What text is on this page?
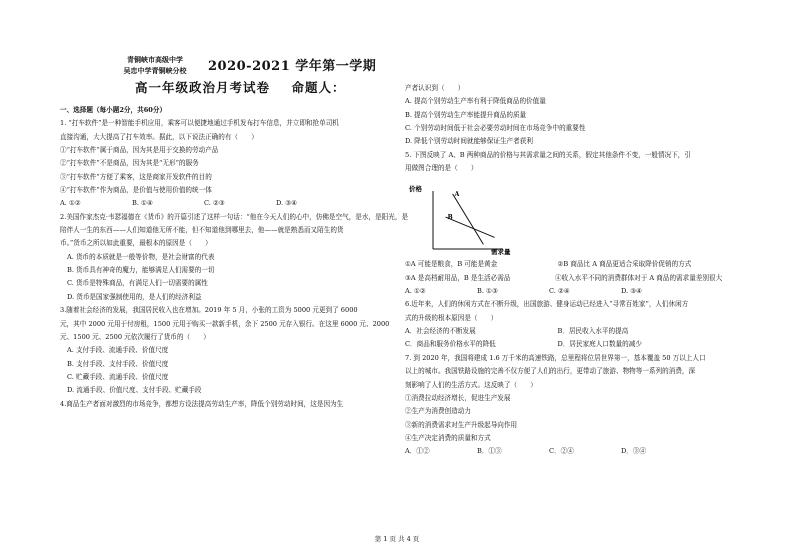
青铜峡市高级中学
吴忠中学青铜峡分校	2020-2021 学年第一学期
高一年级政治月考试卷 命题人：
一、选择题（每小题2分，共60分）
1. “打车软件”是一种智能手机应用，乘客可以便捷地通过手机发布打车信息，并立即和抢单司机
直接沟通，大大提高了打车效率。据此，以下说法正确的有（　　）
①“打车软件”属于商品，因为其是用于交换的劳动产品
②“打车软件”不是商品，因为其是“无形”的服务
③“打车软件”方便了乘客，这是商家开发软件的目的
④“打车软件”作为商品，是价值与使用价值的统一体
A. ①②	B. ①④	C. ②③	D. ③④
2.美国作家杰克·韦瑟福德在《货币》的开篇引述了这样一句话：“他在今天人们的心中，仿佛是空气，是水，是阳光，是
陪伴人一生的东西——人们知道他无所不能，但不知道他到哪里去，他——就是熟悉而又陌生的货
币。”货币之所以如此重要，最根本的原因是（　　）
A. 货币的本质就是一般等价物，是社会财富的代表
B. 货币具有神奇的魔力，能够满足人们需要的一切
C. 货币是特殊商品，有满足人们一切需要的属性
D. 货币是国家强制使用的，是人们的经济利益
3.随着社会经济的发展，我国居民收入也在增加。2019 年 5 月，小张的工资为 5000 元更到了 6000
元，其中 2000 元用于付房租，1500 元用于购买一款新手机，余下 2500 元存入银行。在这里 6000 元、2000
元、1500 元、2500 元依次履行了货币的（　　）
A. 支付手段、流通手段、价值尺度
B. 支付手段、支付手段、价值尺度
C. 贮藏手段、流通手段、价值尺度
D. 流通手段、价值尺度、支付手段、贮藏手段
4.商品生产者面对激烈的市场竞争，都想方设法提高劳动生产率，降低个别劳动时间，这是因为生
产者认识到（　　）
A. 提高个别劳动生产率有利于降低商品的价值量
B. 提高个别劳动生产率能提升商品的质量
C. 个别劳动时间低于社会必要劳动时间在市场竞争中的重要性
D. 降低个别劳动时间就能够保证生产者获利
5. 下图反映了 A、B 两种商品的价格与其需求量之间的关系，假定其他条件不变，一般情况下，引
用做图合理的是（　　）
价格
需求量
A
B
①A 可能是粮食，B 可能是黄金	②B 商品比 A 商品更适合采取降价促销的方式
③A 是高档耐用品，B 是生活必需品	④收入水平不同的消费群体对于 A 商品的需求量差别很大
A. ①②	B. ①③	C. ②④	D. ③④
6.近年来，人们的休闲方式在不断升级，出国旅游、健身运动已经进入“寻常百姓家”，人们休闲方
式的升级的根本原因是（　　）
A．社会经济的不断发展	B．居民收入水平的提高
C．商品和服务价格水平的降低	D．居民家庭人口数量的减少
7. 到 2020 年，我国将建成 1.6 万千米的高速铁路，总里程将位居世界第一，基本覆盖 50 万以上人口
以上的城市。我国铁路设施的完善不仅方便了人们的出行，更带动了旅游、物物等一系列的消费，深
刻影响了人们的生活方式。这反映了（　　）
①消费拉动经济增长，促进生产发展
②生产为消费创造动力
③新的消费需求对生产升级起导向作用
④生产决定消费的质量和方式
A．①②	B．①③	C．②④	D．③④
第 1 页 共 4 页
